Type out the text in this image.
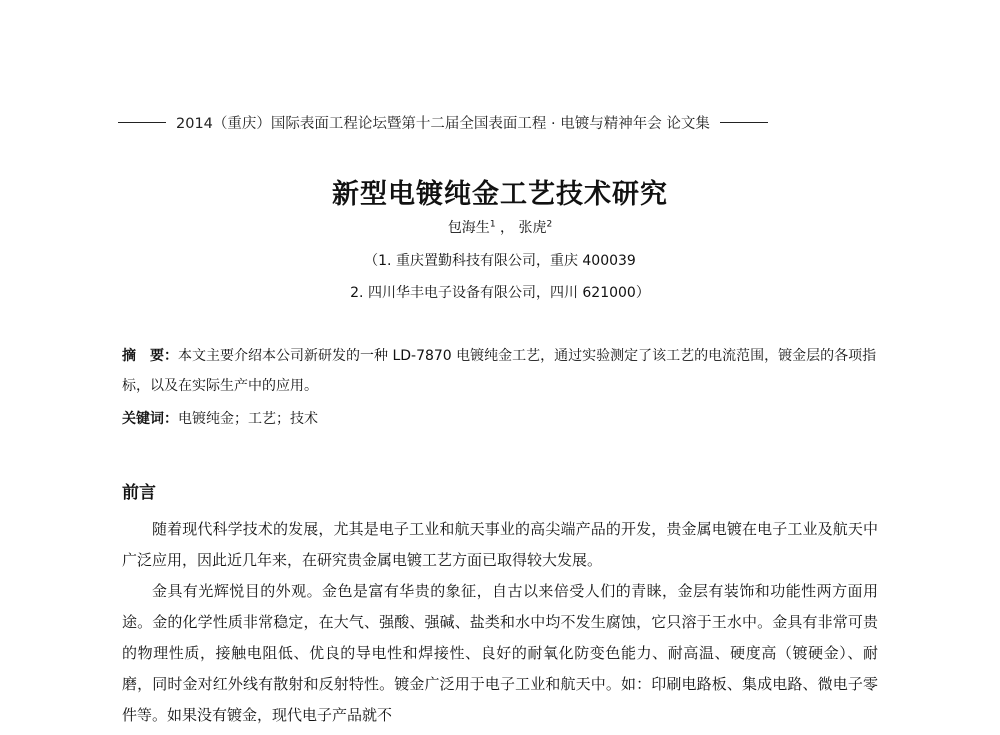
2014（重庆）国际表面工程论坛暨第十二届全国表面工程 · 电镀与精神年会 论文集
新型电镀纯金工艺技术研究
包海生$^1$ ， 张虎$^2$
（1. 重庆置勤科技有限公司，重庆 400039
2. 四川华丰电子设备有限公司，四川 621000）
摘　要：本文主要介绍本公司新研发的一种 LD-7870 电镀纯金工艺，通过实验测定了该工艺的电流范围，镀金层的各项指标，以及在实际生产中的应用。
关键词：电镀纯金；工艺；技术
前言

随着现代科学技术的发展，尤其是电子工业和航天事业的高尖端产品的开发，贵金属电镀在电子工业及航天中广泛应用，因此近几年来，在研究贵金属电镀工艺方面已取得较大发展。

金具有光辉悦目的外观。金色是富有华贵的象征，自古以来倍受人们的青睐，金层有装饰和功能性两方面用途。金的化学性质非常稳定，在大气、强酸、强碱、盐类和水中均不发生腐蚀，它只溶于王水中。金具有非常可贵的物理性质，接触电阻低、优良的导电性和焊接性、良好的耐氧化防变色能力、耐高温、硬度高（镀硬金）、耐磨，同时金对红外线有散射和反射特性。镀金广泛用于电子工业和航天中。如：印刷电路板、集成电路、微电子零件等。如果没有镀金，现代电子产品就不
